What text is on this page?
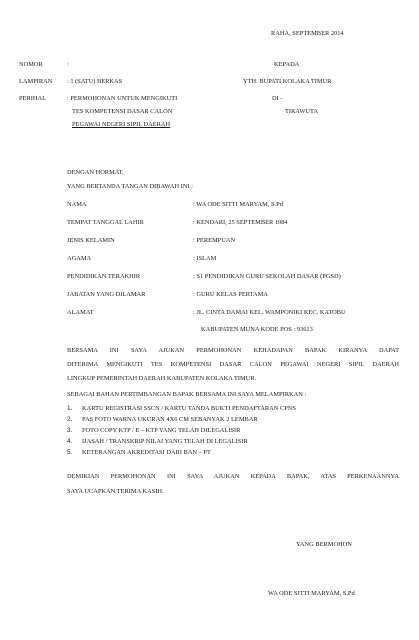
RAHA, SEPTEMBER 2014
NOMOR	:
LAMPIRAN : 1 (SATU) BERKAS
PERIHAL	: PERMOHONAN UNTUK MENGIKUTI
TES KOMPETENSI DASAR CALON
PEGAWAI NEGERI SIPIL DAERAH
KEPADA
YTH. BUPATI KOLAKA TIMUR
DI -
TIRAWUTA
DENGAN HORMAT,
YANG BERTANDA TANGAN DIBAWAH INI :
NAMA	: WA ODE SITTI MARYAM, S.Pd
TEMPAT TANGGAL LAHIR	: KENDARI, 25 SEPTEMBER 1984
JENIS KELAMIN	: PEREMPUAN
AGAMA	: ISLAM
PENDIDIKAN TERAKHIR	: S1 PENDIDIKAN GURU SEKOLAH DASAR (PGSD)
JABATAN YANG DILAMAR	: GURU KELAS PERTAMA
ALAMAT	: JL. CINTA DAMAI KEL. WAMPONIKI KEC. KATOBU
KABUPATEN MUNA KODE POS : 93613
BERSAMA INI SAYA AJUKAN PERMOHONAN KEHADAPAN BAPAK KIRANYA DAPAT
DITERIMA MENGIKUTI TES KOMPETENSI DASAR CALON PEGAWAI NEGERI SIPIL DAERAH
LINGKUP PEMERINTAH DAERAH KABUPATEN KOLAKA TIMUR.
SEBAGAI BAHAN PERTIMBANGAN BAPAK BERSAMA INI SAYA MELAMPIRKAN :
1. KARTU REGISTRASI SSCN / KARTU TANDA BUKTI PENDAFTARAN CPNS
2. PAS FOTO WARNA UKURAN 4X6 CM SEBANYAK 2 LEMBAR
3. FOTO COPY KTP / E – KTP YANG TELAH DILEGALISIR
4. IJASAH / TRANSKRIP NILAI YANG TELAH DI LEGALISIR
5. KETERANGAN AKREDITASI DARI BAN – PT
DEMIKIAN PERMOHONAN INI SAYA AJUKAN KEPADA BAPAK, ATAS PERKENAANNYA
SAYA UCAPKAN TERIMA KASIH.
YANG BERMOHON
WA ODE SITTI MARYAM, S.Pd
